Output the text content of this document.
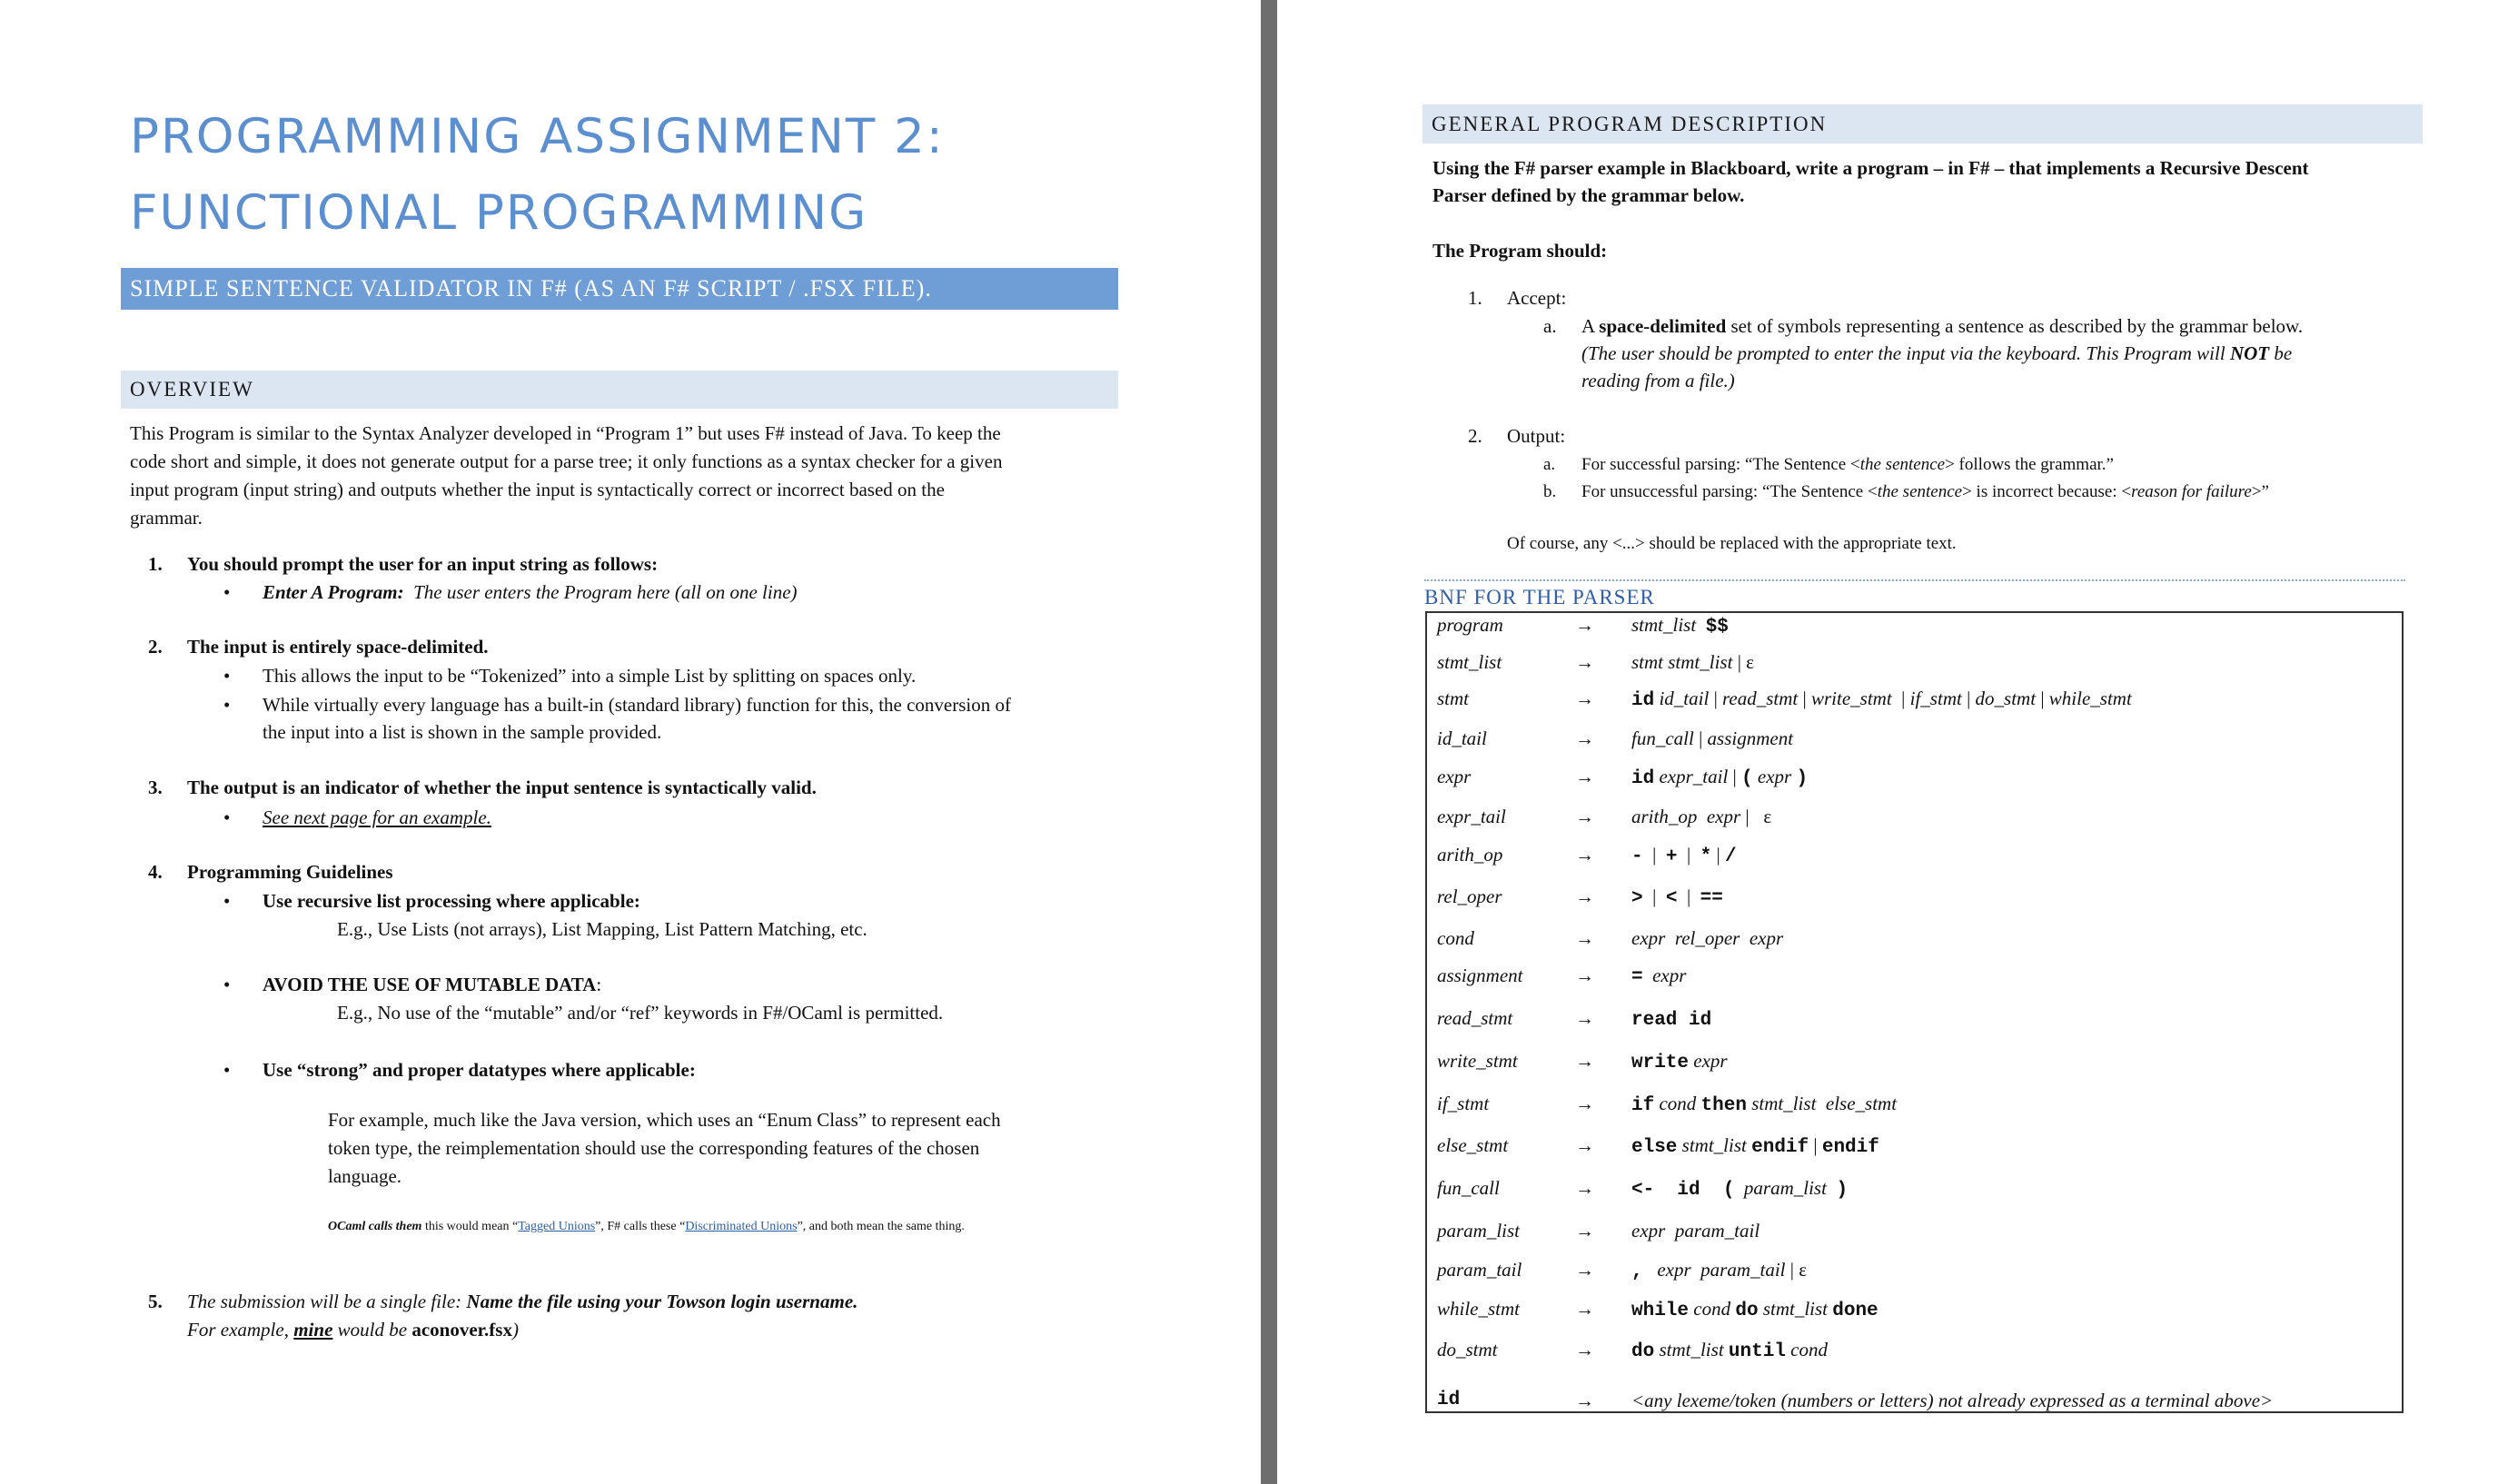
PROGRAMMING ASSIGNMENT 2:
FUNCTIONAL PROGRAMMING
SIMPLE SENTENCE VALIDATOR IN F# (AS AN F# SCRIPT / .FSX FILE).
OVERVIEW
This Program is similar to the Syntax Analyzer developed in “Program 1” but uses F# instead of Java. To keep the
code short and simple, it does not generate output for a parse tree; it only functions as a syntax checker for a given
input program (input string) and outputs whether the input is syntactically correct or incorrect based on the
grammar.
1. You should prompt the user for an input string as follows:
• Enter A Program: The user enters the Program here (all on one line)
2. The input is entirely space-delimited.
• This allows the input to be “Tokenized” into a simple List by splitting on spaces only.
• While virtually every language has a built-in (standard library) function for this, the conversion of
the input into a list is shown in the sample provided.
3. The output is an indicator of whether the input sentence is syntactically valid.
• See next page for an example.
4. Programming Guidelines
• Use recursive list processing where applicable:
E.g., Use Lists (not arrays), List Mapping, List Pattern Matching, etc.
• AVOID THE USE OF MUTABLE DATA:
E.g., No use of the “mutable” and/or “ref” keywords in F#/OCaml is permitted.
• Use “strong” and proper datatypes where applicable:
For example, much like the Java version, which uses an “Enum Class” to represent each
token type, the reimplementation should use the corresponding features of the chosen
language.
OCaml calls them this would mean “Tagged Unions”, F# calls these “Discriminated Unions”, and both mean the same thing.
5. The submission will be a single file: Name the file using your Towson login username.
For example, mine would be aconover.fsx)
GENERAL PROGRAM DESCRIPTION
Using the F# parser example in Blackboard, write a program – in F# – that implements a Recursive Descent
Parser defined by the grammar below.
The Program should:
1. Accept:
a. A space-delimited set of symbols representing a sentence as described by the grammar below.
(The user should be prompted to enter the input via the keyboard. This Program will NOT be
reading from a file.)
2. Output:
a. For successful parsing: “The Sentence <the sentence> follows the grammar.”
b. For unsuccessful parsing: “The Sentence <the sentence> is incorrect because: <reason for failure>”
Of course, any <...> should be replaced with the appropriate text.
BNF FOR THE PARSER
program	→ stmt_list  $$
stmt_list	→ stmt stmt_list | ε
stmt	→ id id_tail | read_stmt | write_stmt  | if_stmt | do_stmt | while_stmt
id_tail	→ fun_call | assignment
expr	→ id expr_tail | ( expr )
expr_tail	→ arith_op  expr |   ε
arith_op	→ -  |  +  |  * | /
rel_oper	→ >  |  <  |  ==
cond	→ expr  rel_oper  expr
assignment	→ =  expr
read_stmt	→ read id
write_stmt	→ write expr
if_stmt	→ if cond then stmt_list  else_stmt
else_stmt	→ else stmt_list endif | endif
fun_call	→ <-  id  (  param_list  )
param_list	→ expr  param_tail
param_tail	→ ,   expr  param_tail | ε
while_stmt	→ while cond do stmt_list done
do_stmt	→ do stmt_list until cond
id	→ <any lexeme/token (numbers or letters) not already expressed as a terminal above>
